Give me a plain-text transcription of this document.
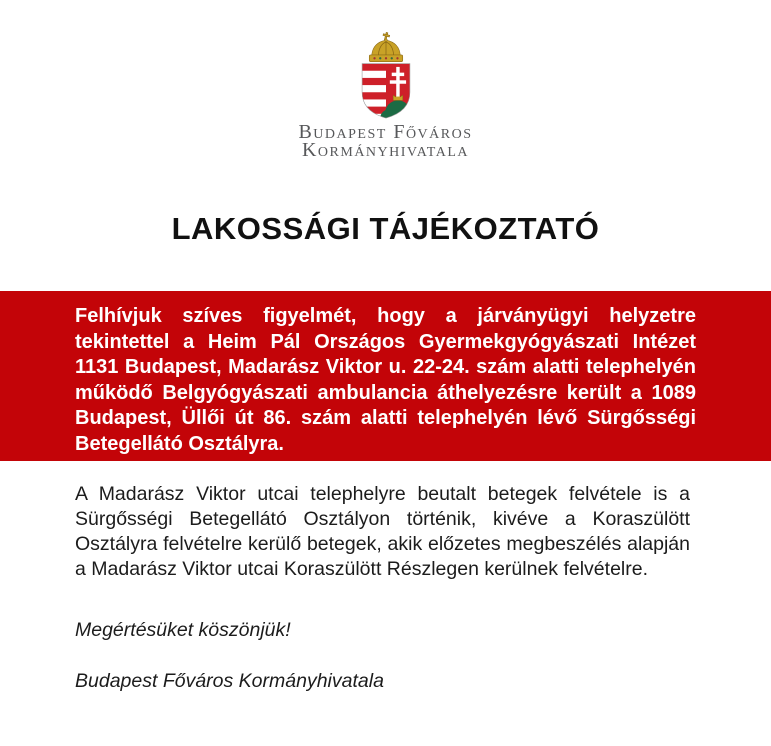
Budapest Főváros
Kormányhivatala
LAKOSSÁGI TÁJÉKOZTATÓ

Felhívjuk szíves figyelmét, hogy a járványügyi helyzetre tekintettel a Heim Pál Országos Gyermekgyógyászati Intézet 1131 Budapest, Madarász Viktor u. 22-24. szám alatti telephelyén működő Belgyógyászati ambulancia áthelyezésre került a 1089 Budapest, Üllői út 86. szám alatti telephelyén lévő Sürgősségi Betegellátó Osztályra.

A Madarász Viktor utcai telephelyre beutalt betegek felvétele is a Sürgősségi Betegellátó Osztályon történik, kivéve a Koraszülött Osztályra felvételre kerülő betegek, akik előzetes megbeszélés alapján a Madarász Viktor utcai Koraszülött Részlegen kerülnek felvételre.

Megértésüket köszönjük!

Budapest Főváros Kormányhivatala
